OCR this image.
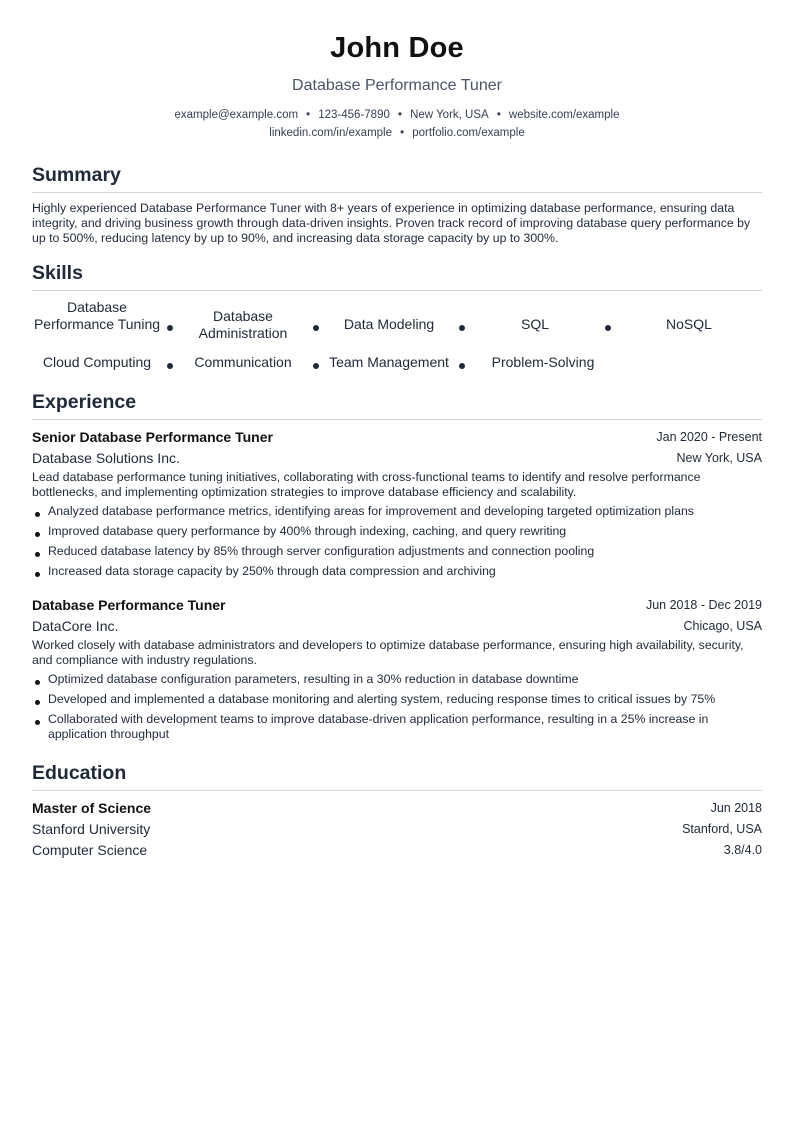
John Doe
Database Performance Tuner
example@example.com • 123-456-7890 • New York, USA • website.com/example
linkedin.com/in/example • portfolio.com/example
Summary
Highly experienced Database Performance Tuner with 8+ years of experience in optimizing database performance, ensuring data integrity, and driving business growth through data-driven insights. Proven track record of improving database query performance by up to 500%, reducing latency by up to 90%, and increasing data storage capacity by up to 300%.
Skills
Database Performance Tuning	Database Administration
Data Modeling	SQL	NoSQL
Cloud Computing	Communication	Team Management	Problem-Solving
Experience
Senior Database Performance Tuner	Jan 2020 - Present
Database Solutions Inc.	New York, USA
Lead database performance tuning initiatives, collaborating with cross-functional teams to identify and resolve performance bottlenecks, and implementing optimization strategies to improve database efficiency and scalability.
Analyzed database performance metrics, identifying areas for improvement and developing targeted optimization plans
Improved database query performance by 400% through indexing, caching, and query rewriting
Reduced database latency by 85% through server configuration adjustments and connection pooling
Increased data storage capacity by 250% through data compression and archiving
Database Performance Tuner	Jun 2018 - Dec 2019
DataCore Inc.	Chicago, USA
Worked closely with database administrators and developers to optimize database performance, ensuring high availability, security, and compliance with industry regulations.
Optimized database configuration parameters, resulting in a 30% reduction in database downtime
Developed and implemented a database monitoring and alerting system, reducing response times to critical issues by 75%
Collaborated with development teams to improve database-driven application performance, resulting in a 25% increase in application throughput
Education
Master of Science	Jun 2018
Stanford University	Stanford, USA
Computer Science	3.8/4.0
